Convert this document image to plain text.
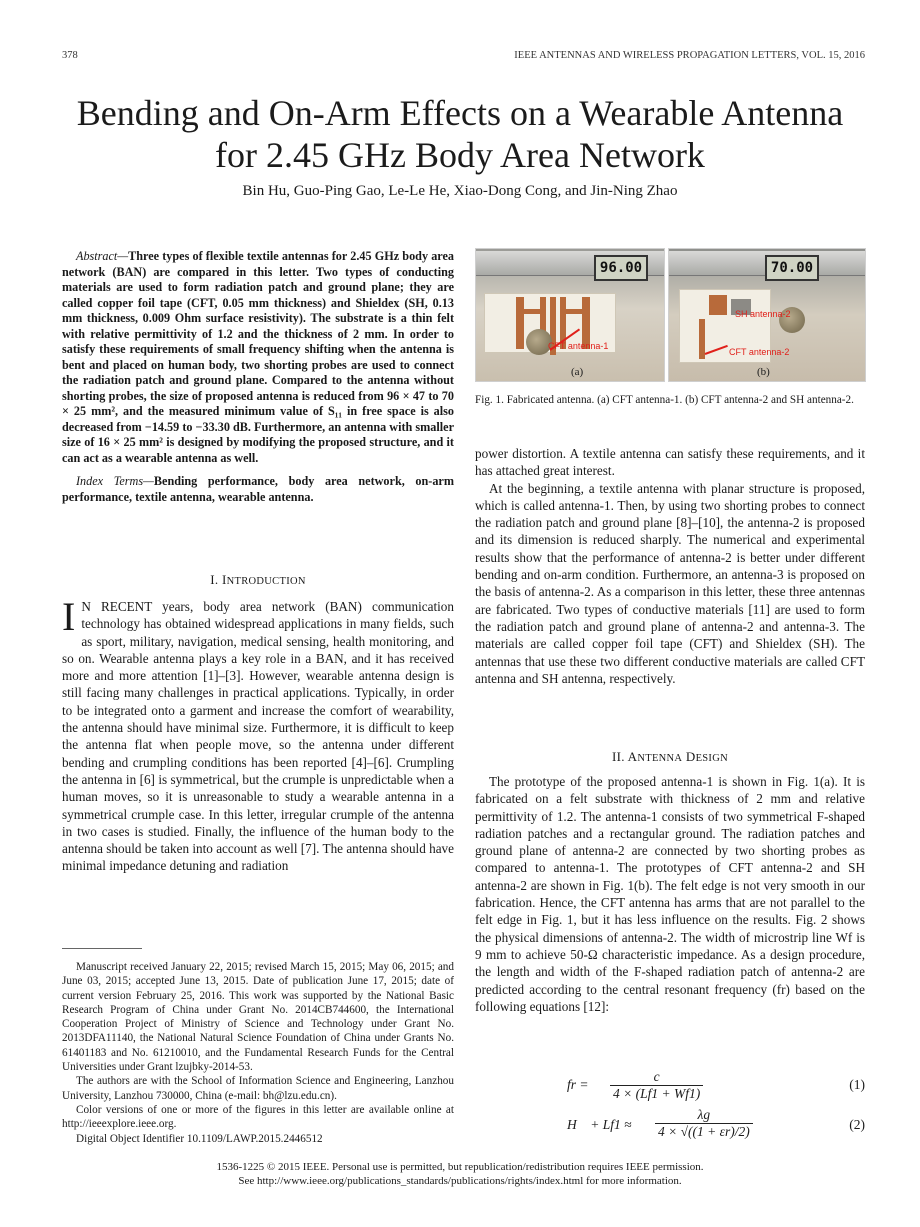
378	IEEE ANTENNAS AND WIRELESS PROPAGATION LETTERS, VOL. 15, 2016
Bending and On-Arm Effects on a Wearable Antenna
for 2.45 GHz Body Area Network
Bin Hu, Guo-Ping Gao, Le-Le He, Xiao-Dong Cong, and Jin-Ning Zhao

Abstract—Three types of flexible textile antennas for 2.45 GHz body area network (BAN) are compared in this letter. Two types of conducting materials are used to form radiation patch and ground plane; they are called copper foil tape (CFT, 0.05 mm thickness) and Shieldex (SH, 0.13 mm thickness, 0.009 Ohm surface resistivity). The substrate is a thin felt with relative permittivity of 1.2 and the thickness of 2 mm. In order to satisfy these requirements of small frequency shifting when the antenna is bent and placed on human body, two shorting probes are used to connect the radiation patch and ground plane. Compared to the antenna without shorting probes, the size of proposed antenna is reduced from 96 × 47 to 70 × 25 mm², and the measured minimum value of S₁₁ in free space is also decreased from −14.59 to −33.30 dB. Furthermore, an antenna with smaller size of 16 × 25 mm² is designed by modifying the proposed structure, and it can act as a wearable antenna as well.

Index Terms—Bending performance, body area network, on-arm performance, textile antenna, wearable antenna.

I. INTRODUCTION
I N RECENT years, body area network (BAN) communication technology has obtained widespread applications in many fields, such as sport, military, navigation, medical sensing, health monitoring, and so on. Wearable antenna plays a key role in a BAN, and it has received more and more attention [1]–[3]. However, wearable antenna design is still facing many challenges in practical applications. Typically, in order to be integrated onto a garment and increase the comfort of wearability, the antenna should have minimal size. Furthermore, it is difficult to keep the antenna flat when people move, so the antenna under different bending and crumpling conditions has been reported [4]–[6]. Crumpling the antenna in [6] is symmetrical, but the crumple is unpredictable when a human moves, so it is unreasonable to study a wearable antenna in a symmetrical crumple case. In this letter, irregular crumple of the antenna in two cases is studied. Finally, the influence of the human body to the antenna should be taken into account as well [7]. The antenna should have minimal impedance detuning and radiation

Manuscript received January 22, 2015; revised March 15, 2015; May 06, 2015; and June 03, 2015; accepted June 13, 2015. Date of publication June 17, 2015; date of current version February 25, 2016. This work was supported by the National Basic Research Program of China under Grant No. 2014CB744600, the International Cooperation Project of Ministry of Science and Technology under Grant No. 2013DFA11140, the National Natural Science Foundation of China under Grants No. 61401183 and No. 61210010, and the Fundamental Research Funds for the Central Universities under Grant lzujbky-2014-53.

The authors are with the School of Information Science and Engineering, Lanzhou University, Lanzhou 730000, China (e-mail: bh@lzu.edu.cn).

Color versions of one or more of the figures in this letter are available online at http://ieeexplore.ieee.org.

Digital Object Identifier 10.1109/LAWP.2015.2446512

96.00
CFT antenna-1
70.00
SH antenna-2
CFT antenna-2
(a)	(b)
Fig. 1. Fabricated antenna. (a) CFT antenna-1. (b) CFT antenna-2 and SH antenna-2.

power distortion. A textile antenna can satisfy these requirements, and it has attached great interest.

At the beginning, a textile antenna with planar structure is proposed, which is called antenna-1. Then, by using two shorting probes to connect the radiation patch and ground plane [8]–[10], the antenna-2 is proposed and its dimension is reduced sharply. The numerical and experimental results show that the performance of antenna-2 is better under different bending and on-arm condition. Furthermore, an antenna-3 is proposed on the basis of antenna-2. As a comparison in this letter, these three antennas are fabricated. Two types of conductive materials [11] are used to form the radiation patch and ground plane of antenna-2 and antenna-3. The materials are called copper foil tape (CFT) and Shieldex (SH). The antennas that use these two different conductive materials are called CFT antenna and SH antenna, respectively.

II. ANTENNA DESIGN

The prototype of the proposed antenna-1 is shown in Fig. 1(a). It is fabricated on a felt substrate with thickness of 2 mm and relative permittivity of 1.2. The antenna-1 consists of two symmetrical F-shaped radiation patches and a rectangular ground. The radiation patches and ground plane of antenna-2 are connected by two shorting probes as compared to antenna-1. The prototypes of CFT antenna-2 and SH antenna-2 are shown in Fig. 1(b). The felt edge is not very smooth in our fabrication. Hence, the CFT antenna has arms that are not parallel to the felt edge in Fig. 1, but it has less influence on the results. Fig. 2 shows the physical dimensions of antenna-2. The width of microstrip line Wf is 9 mm to achieve 50-Ω characteristic impedance. As a design procedure, the length and width of the F-shaped radiation patch of antenna-2 are predicted according to the central resonant frequency (fr) based on the following equations [12]:

fr = $\frac{c}{4 \times (Lf1 + Wf1)}$	(1)
H    + $Lf1 \approx \frac{\lambda g}{4 \times √((1 + \varepsilon r)/2)}$	(2)
1536-1225 © 2015 IEEE. Personal use is permitted, but republication/redistribution requires IEEE permission.
See http://www.ieee.org/publications_standards/publications/rights/index.html for more information.
